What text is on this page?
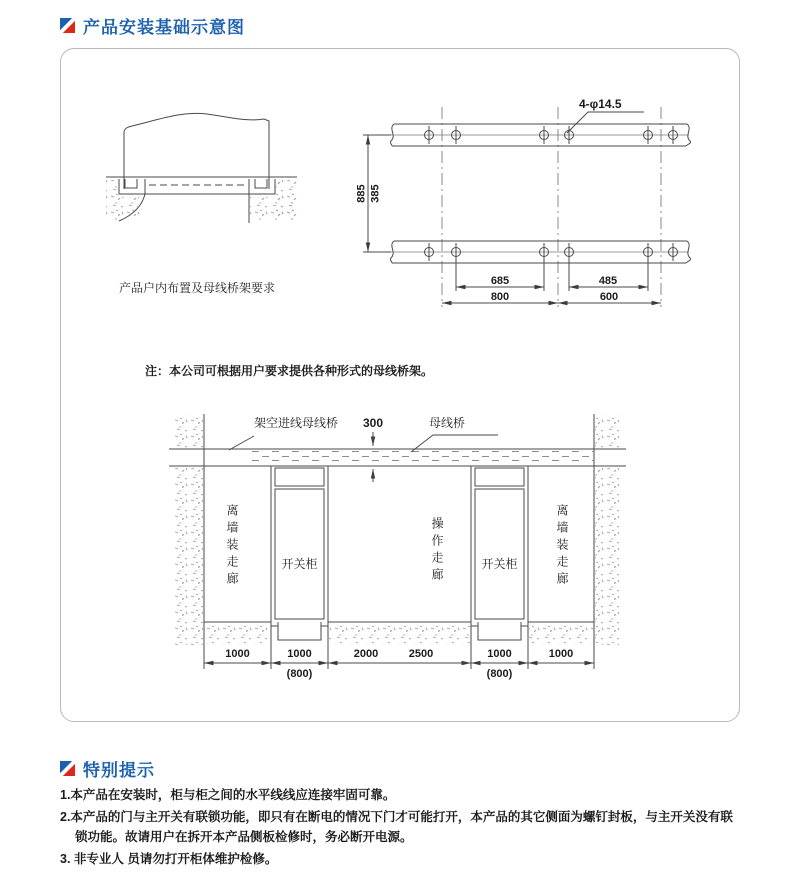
产品安装基础示意图
产品户内布置及母线桥架要求
4-φ14.5
885 385
685	485
800	600
注：本公司可根据用户要求提供各种形式的母线桥架。
架空进线母线桥	300	母线桥
离墙装走廊	操作走廊	离墙装走廊
开关柜	开关柜
1000	1000
(800)
2000	2500	1000
(800)
1000
特别提示
1.本产品在安装时，柜与柜之间的水平线线应连接牢固可靠。
2.本产品的门与主开关有联锁功能，即只有在断电的情况下门才可能打开，本产品的其它侧面为螺钉封板，与主开关没有联锁功能。故请用户在拆开本产品侧板检修时，务必断开电源。
3. 非专业人 员请勿打开柜体维护检修。
